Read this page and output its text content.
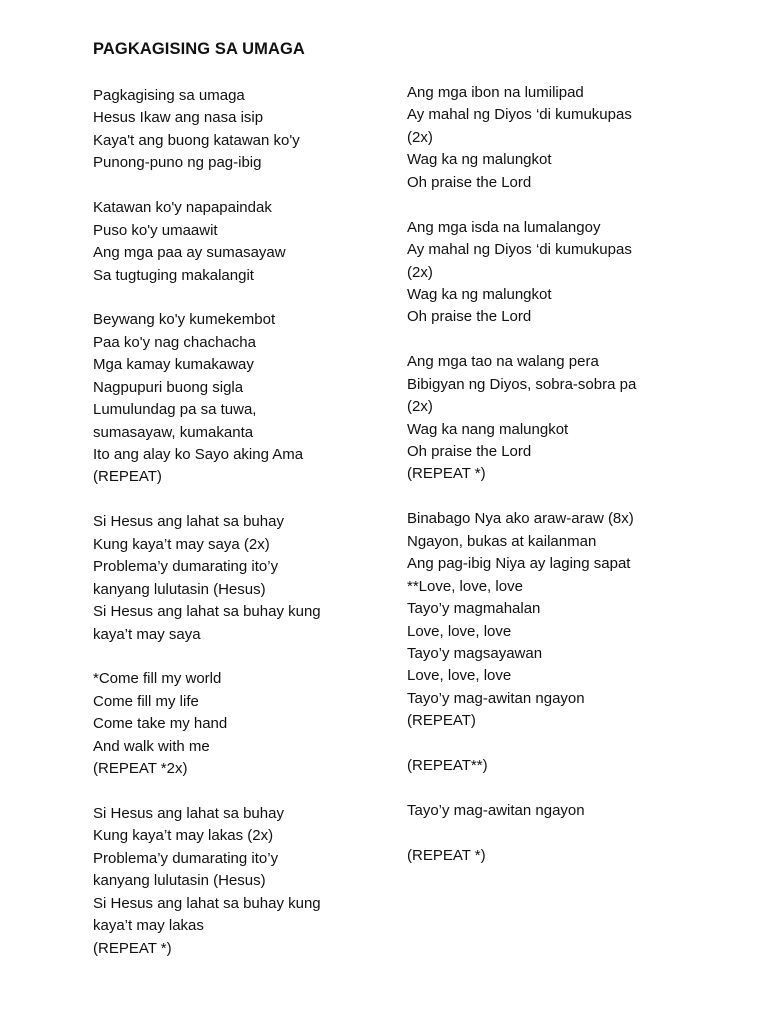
PAGKAGISING SA UMAGA
Pagkagising sa umaga
Hesus Ikaw ang nasa isip
Kaya't ang buong katawan ko'y
Punong-puno ng pag-ibig
Katawan ko'y napapaindak
Puso ko'y umaawit
Ang mga paa ay sumasayaw
Sa tugtuging makalangit
Beywang ko'y kumekembot
Paa ko'y nag chachacha
Mga kamay kumakaway
Nagpupuri buong sigla
Lumulundag pa sa tuwa,
sumasayaw, kumakanta
Ito ang alay ko Sayo aking Ama
(REPEAT)
Si Hesus ang lahat sa buhay
Kung kaya’t may saya (2x)
Problema’y dumarating ito’y
kanyang lulutasin (Hesus)
Si Hesus ang lahat sa buhay kung
kaya’t may saya
*Come fill my world
Come fill my life
Come take my hand
And walk with me
(REPEAT *2x)
Si Hesus ang lahat sa buhay
Kung kaya’t may lakas (2x)
Problema’y dumarating ito’y
kanyang lulutasin (Hesus)
Si Hesus ang lahat sa buhay kung
kaya’t may lakas
(REPEAT *)
Ang mga ibon na lumilipad
Ay mahal ng Diyos ‘di kumukupas
(2x)
Wag ka ng malungkot
Oh praise the Lord
Ang mga isda na lumalangoy
Ay mahal ng Diyos ‘di kumukupas
(2x)
Wag ka ng malungkot
Oh praise the Lord
Ang mga tao na walang pera
Bibigyan ng Diyos, sobra-sobra pa
(2x)
Wag ka nang malungkot
Oh praise the Lord
(REPEAT *)
Binabago Nya ako araw-araw (8x)
Ngayon, bukas at kailanman
Ang pag-ibig Niya ay laging sapat
**Love, love, love
Tayo’y magmahalan
Love, love, love
Tayo’y magsayawan
Love, love, love
Tayo’y mag-awitan ngayon
(REPEAT)
(REPEAT**)
Tayo’y mag-awitan ngayon
(REPEAT *)
